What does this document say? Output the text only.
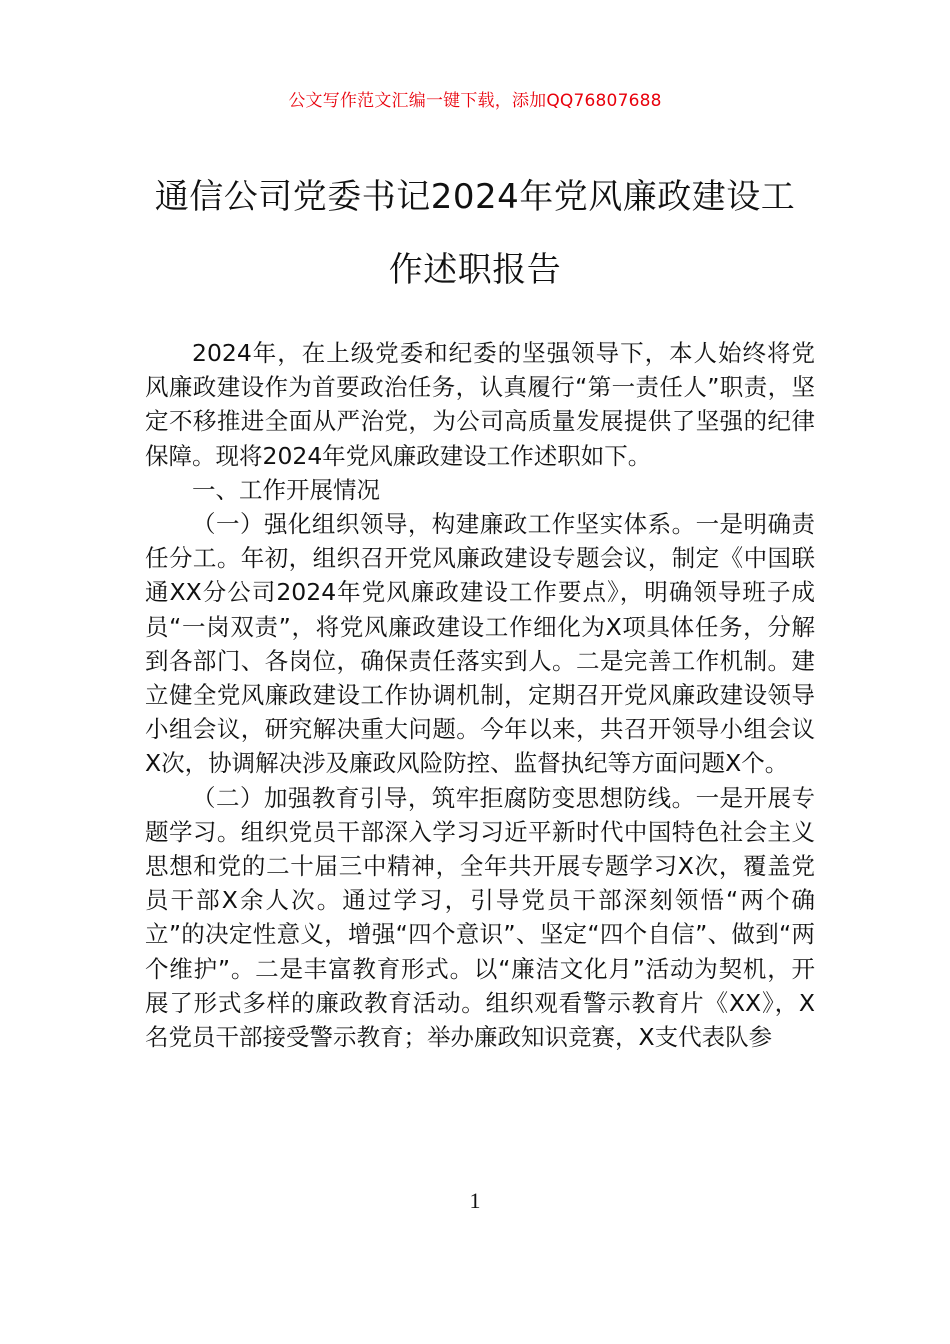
公文写作范文汇编一键下载，添加QQ76807688
通信公司党委书记2024年党风廉政建设工
作述职报告

2024年，在上级党委和纪委的坚强领导下，本人始终将党风廉政建设作为首要政治任务，认真履行“第一责任人”职责，坚定不移推进全面从严治党，为公司高质量发展提供了坚强的纪律保障。现将2024年党风廉政建设工作述职如下。

一、工作开展情况

（一）强化组织领导，构建廉政工作坚实体系。一是明确责任分工。年初，组织召开党风廉政建设专题会议，制定《中国联通XX分公司2024年党风廉政建设工作要点》，明确领导班子成员“一岗双责”，将党风廉政建设工作细化为X项具体任务，分解到各部门、各岗位，确保责任落实到人。二是完善工作机制。建立健全党风廉政建设工作协调机制，定期召开党风廉政建设领导小组会议，研究解决重大问题。今年以来，共召开领导小组会议X次，协调解决涉及廉政风险防控、监督执纪等方面问题X个。

（二）加强教育引导，筑牢拒腐防变思想防线。一是开展专题学习。组织党员干部深入学习习近平新时代中国特色社会主义思想和党的二十届三中精神，全年共开展专题学习X次，覆盖党员干部X余人次。通过学习，引导党员干部深刻领悟“两个确立”的决定性意义，增强“四个意识”、坚定“四个自信”、做到“两个维护”。二是丰富教育形式。以“廉洁文化月”活动为契机，开展了形式多样的廉政教育活动。组织观看警示教育片《XX》，X名党员干部接受警示教育；举办廉政知识竞赛，X支代表队参

1
